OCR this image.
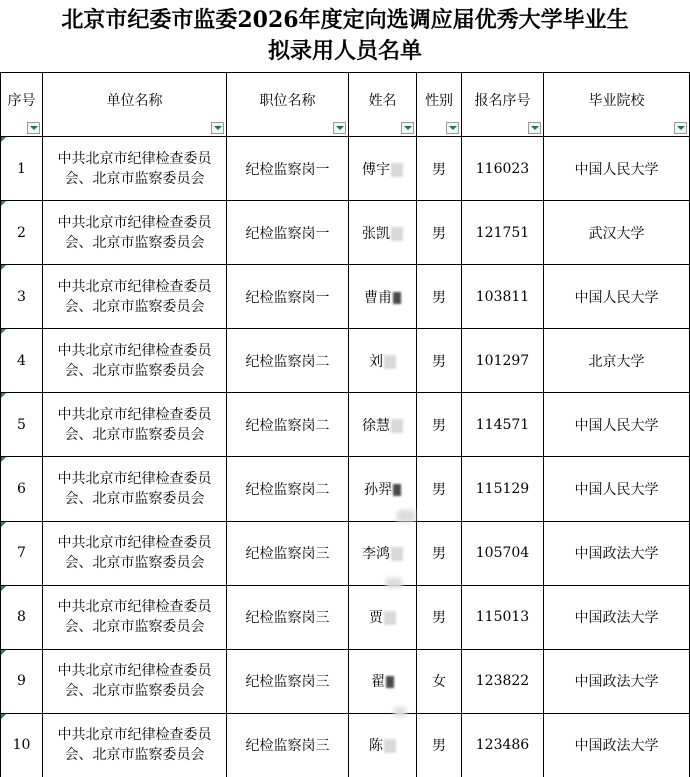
北京市纪委市监委2026年度定向选调应届优秀大学毕业生
拟录用人员名单
序号	单位名称	职位名称	姓名	性别	报名序号	毕业院校

1	中共北京市纪律检查委员会、北京市监察委员会	纪检监察岗一	傅宇	男	116023	中国人民大学

2	中共北京市纪律检查委员会、北京市监察委员会	纪检监察岗一	张凯	男	121751	武汉大学

3	中共北京市纪律检查委员会、北京市监察委员会	纪检监察岗一	曹甫	男	103811	中国人民大学

4	中共北京市纪律检查委员会、北京市监察委员会	纪检监察岗二	刘	男	101297	北京大学

5	中共北京市纪律检查委员会、北京市监察委员会	纪检监察岗二	徐慧	男	114571	中国人民大学

6	中共北京市纪律检查委员会、北京市监察委员会	纪检监察岗二	孙羿	男	115129	中国人民大学

7	中共北京市纪律检查委员会、北京市监察委员会	纪检监察岗三	李鸿	男	105704	中国政法大学

8	中共北京市纪律检查委员会、北京市监察委员会	纪检监察岗三	贾	男	115013	中国政法大学

9	中共北京市纪律检查委员会、北京市监察委员会	纪检监察岗三	翟	女	123822	中国政法大学

10	中共北京市纪律检查委员会、北京市监察委员会	纪检监察岗三	陈	男	123486	中国政法大学
